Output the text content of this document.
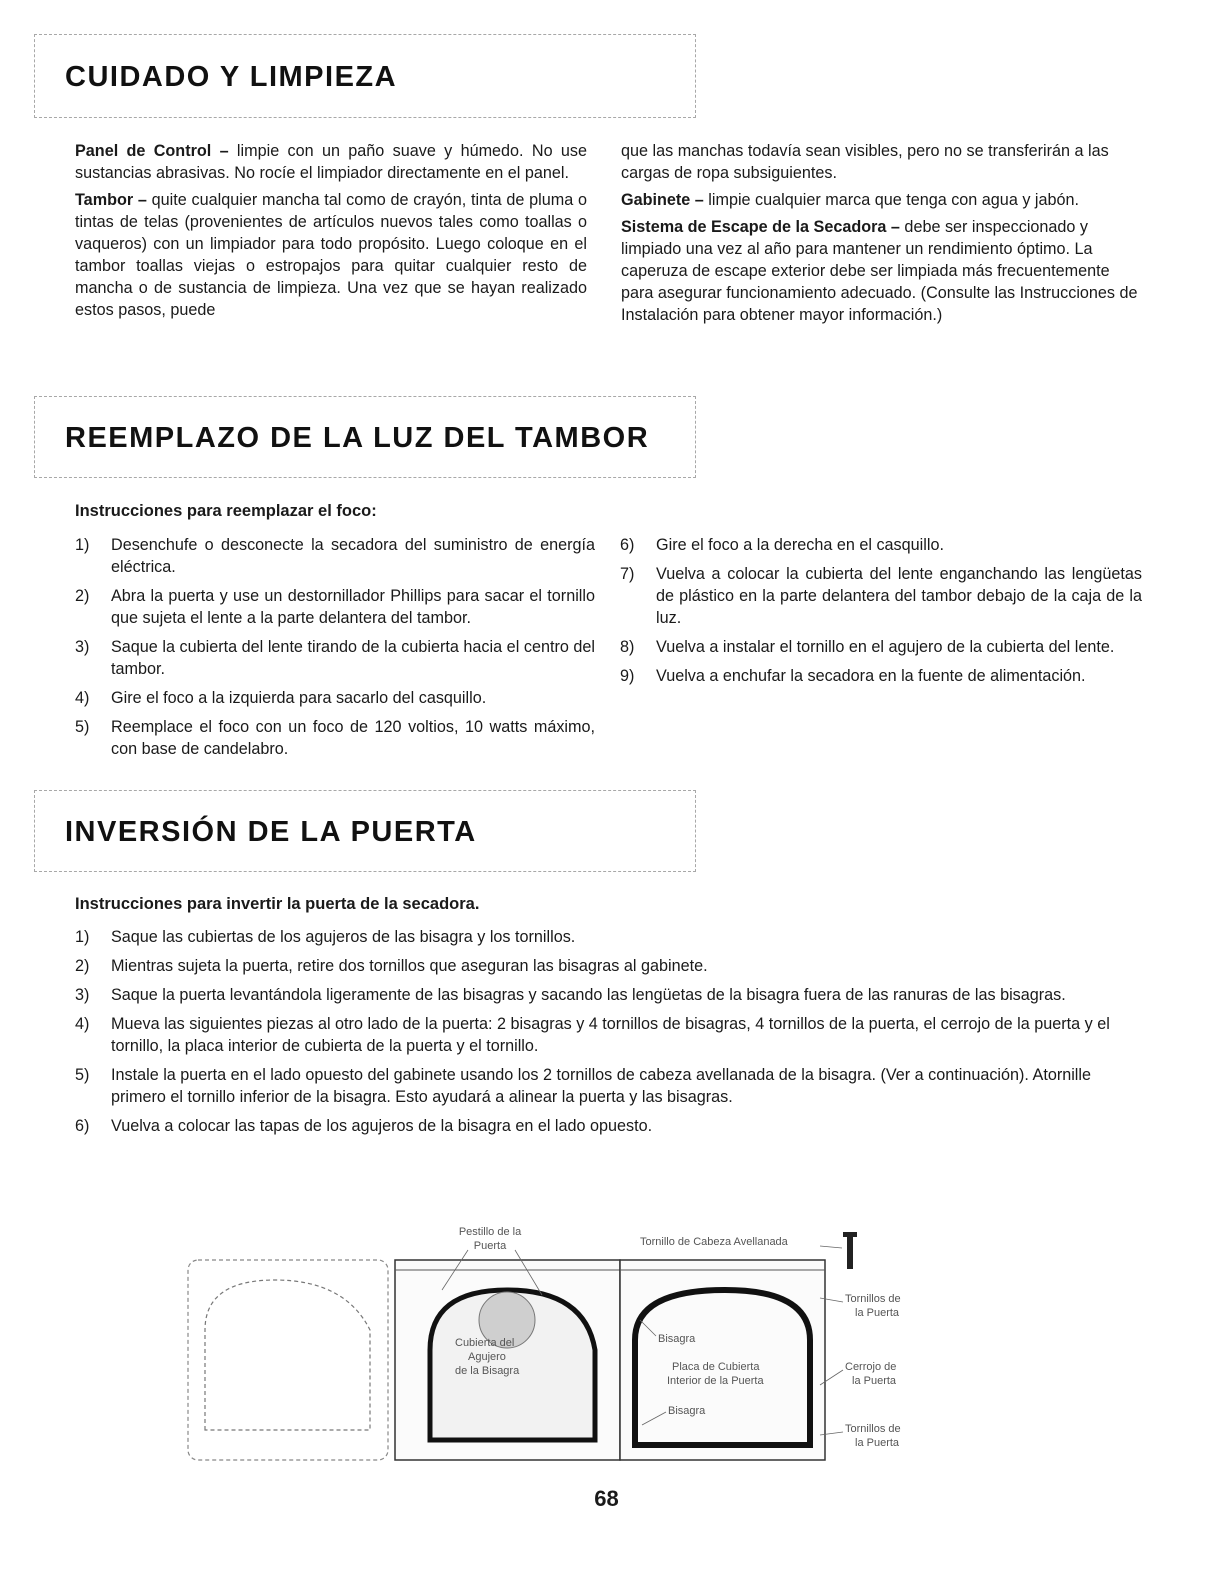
CUIDADO Y LIMPIEZA

Panel de Control – limpie con un paño suave y húmedo. No use sustancias abrasivas. No rocíe el limpiador directamente en el panel.

Tambor – quite cualquier mancha tal como de crayón, tinta de pluma o tintas de telas (provenientes de artículos nuevos tales como toallas o vaqueros) con un limpiador para todo propósito. Luego coloque en el tambor toallas viejas o estropajos para quitar cualquier resto de mancha o de sustancia de limpieza. Una vez que se hayan realizado estos pasos, puede

que las manchas todavía sean visibles, pero no se transferirán a las cargas de ropa subsiguientes.

Gabinete – limpie cualquier marca que tenga con agua y jabón.

Sistema de Escape de la Secadora – debe ser inspeccionado y limpiado una vez al año para mantener un rendimiento óptimo. La caperuza de escape exterior debe ser limpiada más frecuentemente para asegurar funcionamiento adecuado. (Consulte las Instrucciones de Instalación para obtener mayor información.)

REEMPLAZO DE LA LUZ DEL TAMBOR

Instrucciones para reemplazar el foco:

1) Desenchufe o desconecte la secadora del suministro de energía eléctrica.
2) Abra la puerta y use un destornillador Phillips para sacar el tornillo que sujeta el lente a la parte delantera del tambor.
3) Saque la cubierta del lente tirando de la cubierta hacia el centro del tambor.
4) Gire el foco a la izquierda para sacarlo del casquillo.
5) Reemplace el foco con un foco de 120 voltios, 10 watts máximo, con base de candelabro.
6) Gire el foco a la derecha en el casquillo.
7) Vuelva a colocar la cubierta del lente enganchando las lengüetas de plástico en la parte delantera del tambor debajo de la caja de la luz.
8) Vuelva a instalar el tornillo en el agujero de la cubierta del lente.
9) Vuelva a enchufar la secadora en la fuente de alimentación.
INVERSIÓN DE LA PUERTA

Instrucciones para invertir la puerta de la secadora.

1) Saque las cubiertas de los agujeros de las bisagra y los tornillos.
2) Mientras sujeta la puerta, retire dos tornillos que aseguran las bisagras al gabinete.
3) Saque la puerta levantándola ligeramente de las bisagras y sacando las lengüetas de la bisagra fuera de las ranuras de las bisagras.
4) Mueva las siguientes piezas al otro lado de la puerta: 2 bisagras y 4 tornillos de bisagras, 4 tornillos de la puerta, el cerrojo de la puerta y el tornillo, la placa interior de cubierta de la puerta y el tornillo.
5) Instale la puerta en el lado opuesto del gabinete usando los 2 tornillos de cabeza avellanada de la bisagra. (Ver a continuación). Atornille primero el tornillo inferior de la bisagra. Esto ayudará a alinear la puerta y las bisagras.
6) Vuelva a colocar las tapas de los agujeros de la bisagra en el lado opuesto.
Pestillo de la
Puerta	Tornillo de Cabeza Avellanada
Tornillos de
la Puerta
Cubierta del
Agujero
de la Bisagra
Bisagra
Placa de Cubierta
Interior de la Puerta
Bisagra
Cerrojo de
la Puerta
Tornillos de
la Puerta
68
